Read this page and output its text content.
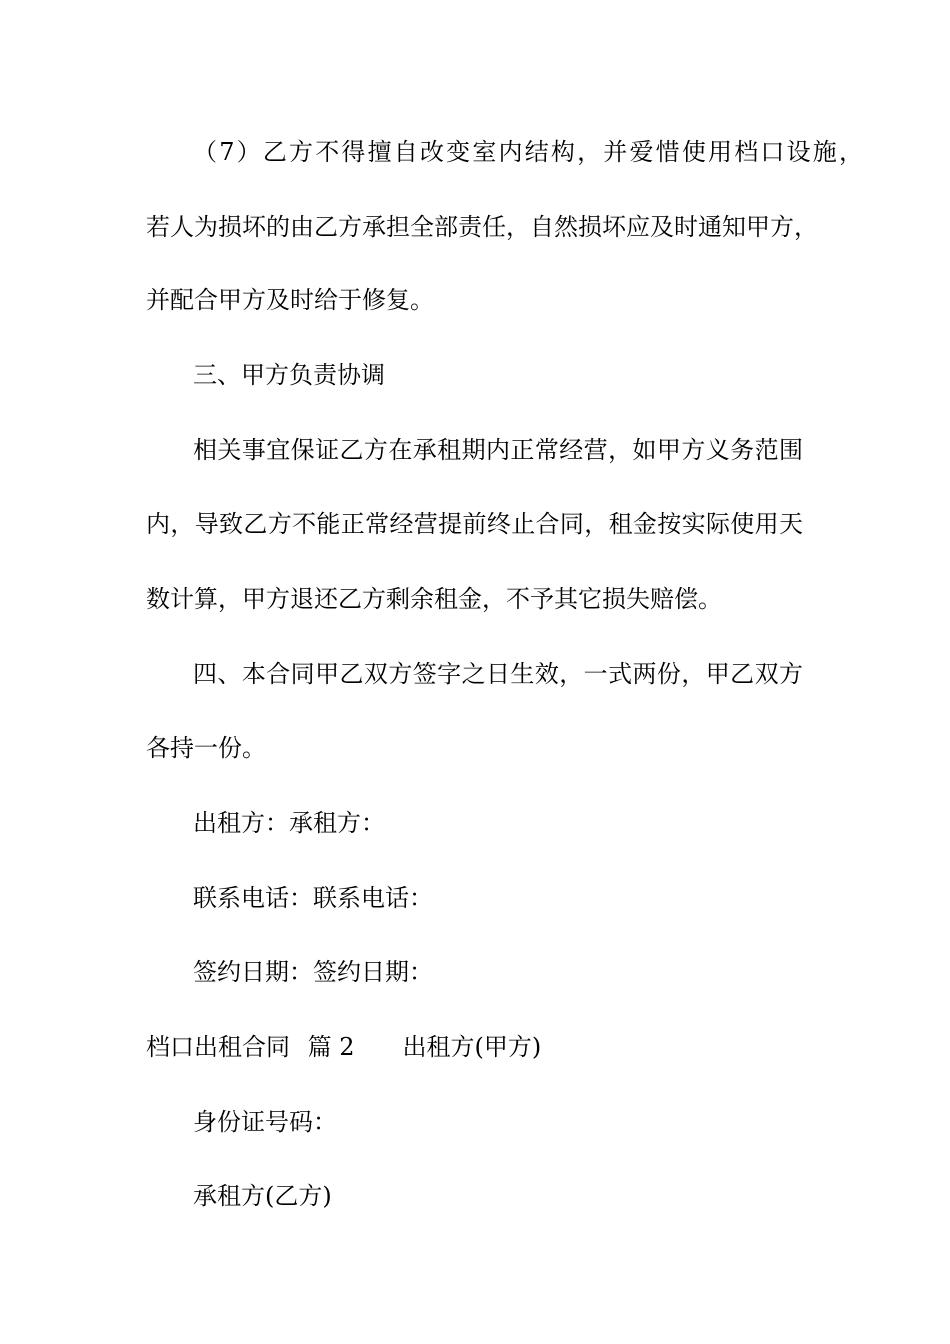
（7）乙方不得擅自改变室内结构，并爱惜使用档口设施，
若人为损坏的由乙方承担全部责任，自然损坏应及时通知甲方，
并配合甲方及时给于修复。
三、甲方负责协调
相关事宜保证乙方在承租期内正常经营，如甲方义务范围
内，导致乙方不能正常经营提前终止合同，租金按实际使用天
数计算，甲方退还乙方剩余租金，不予其它损失赔偿。
四、本合同甲乙双方签字之日生效，一式两份，甲乙双方
各持一份。
出租方：承租方：
联系电话：联系电话：
签约日期：签约日期：
档口出租合同 篇 2 出租方(甲方)
身份证号码：
承租方(乙方)
